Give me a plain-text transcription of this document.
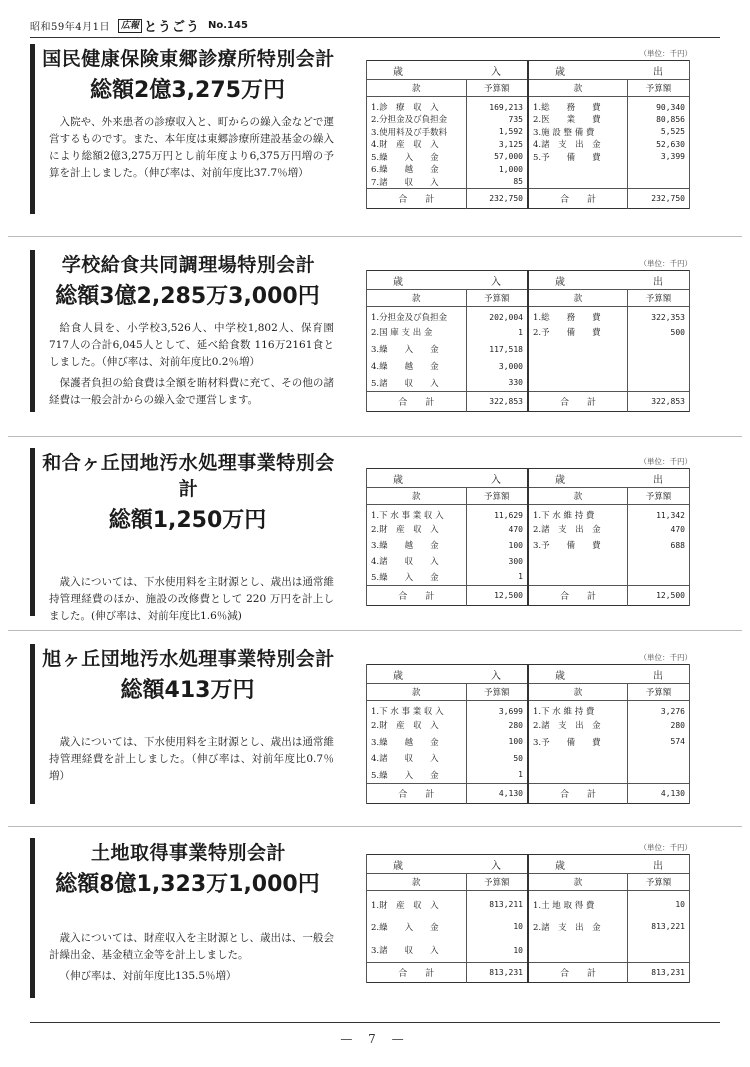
昭和59年4月1日	広報 とうごう No.145
国民健康保険東郷診療所特別会計
総額2億3,275万円
入院や、外来患者の診療収入と、町からの繰入金などで運営するものです。また、本年度は東郷診療所建設基金の繰入により総額2億3,275万円とし前年度より6,375万円増の予算を計上しました。（伸び率は、対前年度比37.7％増）
（単位：千円）
歳 入		歳 出	

款	予算額	款	予算額
1.診　療　収　入	169,213	1.総　　務　　費	90,340
2.分担金及び負担金	735	2.医　　業　　費	80,856
3.使用料及び手数料	1,592	3.施 設 整 備 費	5,525
4.財　産　収　入	3,125	4.諸　支　出　金	52,630
5.繰　　入　　金	57,000	5.予　　備　　費	3,399
6.繰　　越　　金	1,000		
7.諸　　収　　入	85		
合　　計	232,750	合　　計	232,750
学校給食共同調理場特別会計
総額3億2,285万3,000円
給食人員を、小学校3,526人、中学校1,802人、保育園717人の合計6,045人として、延べ給食数 116万2161食としました。（伸び率は、対前年度比0.2％増）
保護者負担の給食費は全額を賄材料費に充て、その他の諸経費は一般会計からの繰入金で運営します。
（単位：千円）
歳 入		歳 出	

款	予算額	款	予算額
1.分担金及び負担金	202,004	1.総　　務　　費	322,353
2.国 庫 支 出 金	1	2.予　　備　　費	500
3.繰　　入　　金	117,518		
4.繰　　越　　金	3,000		
5.諸　　収　　入	330		
合　　計	322,853	合　　計	322,853
和合ヶ丘団地汚水処理事業特別会計
総額1,250万円
歳入については、下水使用料を主財源とし、歳出は通常維持管理経費のほか、施設の改修費として 220 万円を計上しました。(伸び率は、対前年度比1.6％減)
（単位：千円）
歳 入		歳 出	

款	予算額	款	予算額
1.下 水 事 業 収 入	11,629	1.下 水 維 持 費	11,342
2.財　産　収　入	470	2.諸　支　出　金	470
3.繰　　越　　金	100	3.予　　備　　費	688
4.諸　　収　　入	300		
5.繰　　入　　金	1		
合　　計	12,500	合　　計	12,500
旭ヶ丘団地汚水処理事業特別会計
総額413万円
歳入については、下水使用料を主財源とし、歳出は通常維持管理経費を計上しました。（伸び率は、対前年度比0.7％増）
（単位：千円）
歳 入		歳 出	

款	予算額	款	予算額
1.下 水 事 業 収 入	3,699	1.下 水 維 持 費	3,276
2.財　産　収　入	280	2.諸　支　出　金	280
3.繰　　越　　金	100	3.予　　備　　費	574
4.諸　　収　　入	50		
5.繰　　入　　金	1		
合　　計	4,130	合　　計	4,130
土地取得事業特別会計
総額8億1,323万1,000円
歳入については、財産収入を主財源とし、歳出は、一般会計繰出金、基金積立金等を計上しました。
（伸び率は、対前年度比135.5％増）
（単位：千円）
歳 入		歳 出	

款	予算額	款	予算額
1.財　産　収　入	813,211	1.土 地 取 得 費	10
2.繰　　入　　金	10	2.諸　支　出　金	813,221
3.諸　　収　　入	10		
合　　計	813,231	合　　計	813,231
— 7 —
